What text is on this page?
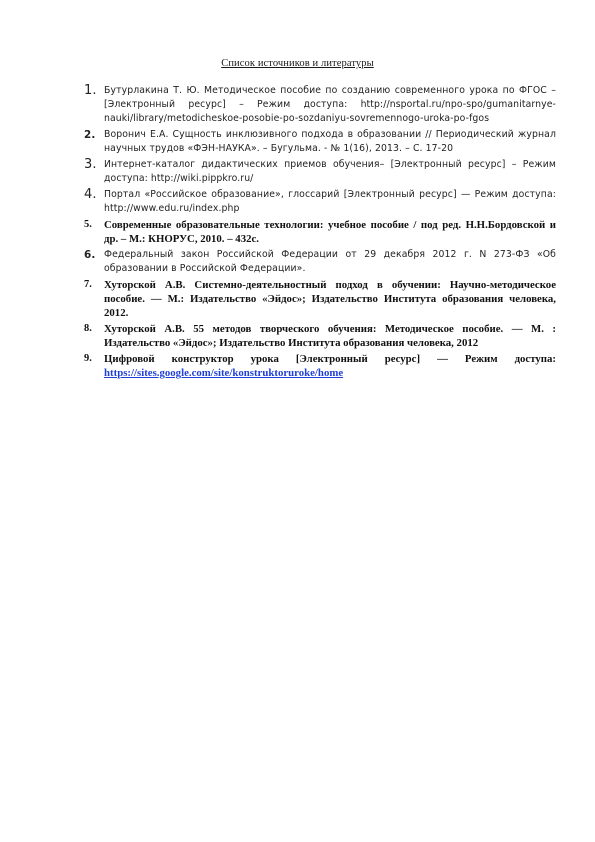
Список источников и литературы
1. Бутурлакина Т. Ю. Методическое пособие по созданию современного урока по ФГОС – [Электронный ресурс] – Режим доступа: http://nsportal.ru/npo-spo/gumanitarnye-nauki/library/metodicheskoe-posobie-po-sozdaniyu-sovremennogo-uroka-po-fgos
2. Воронич Е.А. Сущность инклюзивного подхода в образовании // Периодический журнал научных трудов «ФЭН-НАУКА». – Бугульма. - № 1(16), 2013. – С. 17-20
3. Интернет-каталог дидактических приемов обучения– [Электронный ресурс] – Режим доступа: http://wiki.pippkro.ru/
4. Портал «Российское образование», глоссарий [Электронный ресурс] — Режим доступа: http://www.edu.ru/index.php
5.	Современные образовательные технологии: учебное пособие / под ред. Н.Н.Бордовской и др. – М.: КНОРУС, 2010. – 432с.
6. Федеральный закон Российской Федерации от 29 декабря 2012 г. N 273-ФЗ «Об образовании в Российской Федерации».
7.	Хуторской А.В. Системно-деятельностный подход в обучении: Научно-методическое пособие. — М.: Издательство «Эйдос»; Издательство Института образования человека, 2012.
8.	Хуторской А.В. 55 методов творческого обучения: Методическое пособие. — М. : Издательство «Эйдос»; Издательство Института образования человека, 2012
9.	Цифровой конструктор урока [Электронный ресурс] — Режим доступа: https://sites.google.com/site/konstruktoruroke/home
